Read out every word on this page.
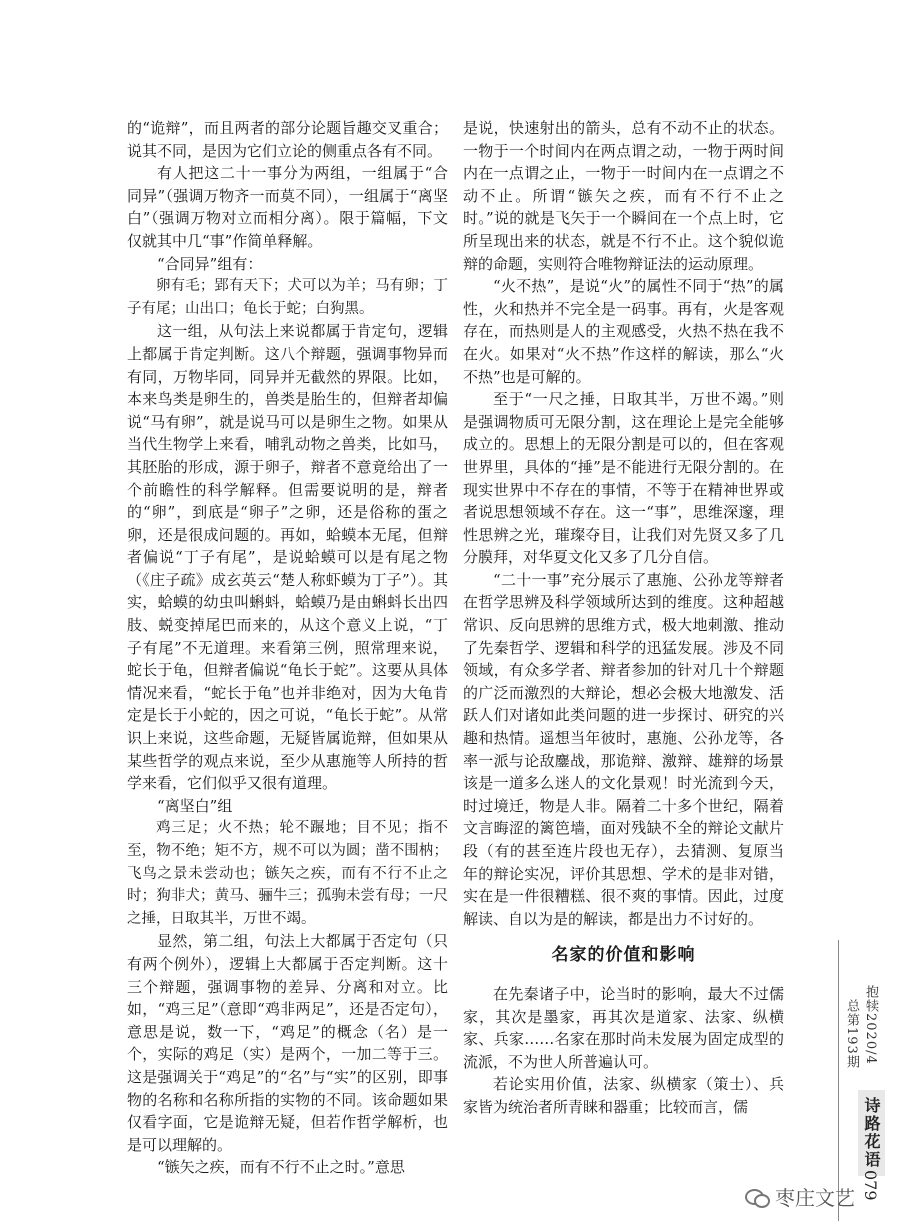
的“诡辩”，而且两者的部分论题旨趣交叉重合；说其不同，是因为它们立论的侧重点各有不同。

有人把这二十一事分为两组，一组属于“合同异”（强调万物齐一而莫不同），一组属于“离坚白”（强调万物对立而相分离）。限于篇幅，下文仅就其中几“事”作简单释解。

“合同异”组有：

卵有毛；郢有天下；犬可以为羊；马有卵；丁子有尾；山出口；龟长于蛇；白狗黑。

这一组，从句法上来说都属于肯定句，逻辑上都属于肯定判断。这八个辩题，强调事物异而有同，万物毕同，同异并无截然的界限。比如，本来鸟类是卵生的，兽类是胎生的，但辩者却偏说“马有卵”，就是说马可以是卵生之物。如果从当代生物学上来看，哺乳动物之兽类，比如马，其胚胎的形成，源于卵子，辩者不意竟给出了一个前瞻性的科学解释。但需要说明的是，辩者的“卵”，到底是“卵子”之卵，还是俗称的蛋之卵，还是很成问题的。再如，蛤蟆本无尾，但辩者偏说“丁子有尾”，是说蛤蟆可以是有尾之物（《庄子疏》成玄英云“楚人称虾蟆为丁子”）。其实，蛤蟆的幼虫叫蝌蚪，蛤蟆乃是由蝌蚪长出四肢、蜕变掉尾巴而来的，从这个意义上说，“丁子有尾”不无道理。来看第三例，照常理来说，蛇长于龟，但辩者偏说“龟长于蛇”。这要从具体情况来看，“蛇长于龟”也并非绝对，因为大龟肯定是长于小蛇的，因之可说，“龟长于蛇”。从常识上来说，这些命题，无疑皆属诡辩，但如果从某些哲学的观点来说，至少从惠施等人所持的哲学来看，它们似乎又很有道理。

“离坚白”组

鸡三足；火不热；轮不蹍地；目不见；指不至，物不绝；矩不方，规不可以为圆；凿不围枘；飞鸟之景未尝动也；镞矢之疾，而有不行不止之时；狗非犬；黄马、骊牛三；孤驹未尝有母；一尺之捶，日取其半，万世不竭。

显然，第二组，句法上大都属于否定句（只有两个例外），逻辑上大都属于否定判断。这十三个辩题，强调事物的差异、分离和对立。比如，“鸡三足”（意即“鸡非两足”，还是否定句），意思是说，数一下，“鸡足”的概念（名）是一个，实际的鸡足（实）是两个，一加二等于三。这是强调关于“鸡足”的“名”与“实”的区别，即事物的名称和名称所指的实物的不同。该命题如果仅看字面，它是诡辩无疑，但若作哲学解析，也是可以理解的。

“镞矢之疾，而有不行不止之时。”意思

是说，快速射出的箭头，总有不动不止的状态。一物于一个时间内在两点谓之动，一物于两时间内在一点谓之止，一物于一时间内在一点谓之不动不止。所谓“镞矢之疾，而有不行不止之时。”说的就是飞矢于一个瞬间在一个点上时，它所呈现出来的状态，就是不行不止。这个貌似诡辩的命题，实则符合唯物辩证法的运动原理。

“火不热”，是说“火”的属性不同于“热”的属性，火和热并不完全是一码事。再有，火是客观存在，而热则是人的主观感受，火热不热在我不在火。如果对“火不热”作这样的解读，那么“火不热”也是可解的。

至于“一尺之捶，日取其半，万世不竭。”则是强调物质可无限分割，这在理论上是完全能够成立的。思想上的无限分割是可以的，但在客观世界里，具体的“捶”是不能进行无限分割的。在现实世界中不存在的事情，不等于在精神世界或者说思想领域不存在。这一“事”，思维深邃，理性思辨之光，璀璨夺目，让我们对先贤又多了几分膜拜，对华夏文化又多了几分自信。

“二十一事”充分展示了惠施、公孙龙等辩者在哲学思辨及科学领域所达到的维度。这种超越常识、反向思辨的思维方式，极大地刺激、推动了先秦哲学、逻辑和科学的迅猛发展。涉及不同领域，有众多学者、辩者参加的针对几十个辩题的广泛而激烈的大辩论，想必会极大地激发、活跃人们对诸如此类问题的进一步探讨、研究的兴趣和热情。遥想当年彼时，惠施、公孙龙等，各率一派与论敌鏖战，那诡辩、激辩、雄辩的场景该是一道多么迷人的文化景观！时光流到今天，时过境迁，物是人非。隔着二十多个世纪，隔着文言晦涩的篱笆墙，面对残缺不全的辩论文献片段（有的甚至连片段也无存），去猜测、复原当年的辩论实况，评价其思想、学术的是非对错，实在是一件很糟糕、很不爽的事情。因此，过度解读、自以为是的解读，都是出力不讨好的。

名家的价值和影响

在先秦诸子中，论当时的影响，最大不过儒家，其次是墨家，再其次是道家、法家、纵横家、兵家……名家在那时尚未发展为固定成型的流派，不为世人所普遍认可。

若论实用价值，法家、纵横家（策士）、兵家皆为统治者所青睐和器重；比较而言，儒

抱犊2020/4
总第193期
诗路花语
079
枣庄文艺
